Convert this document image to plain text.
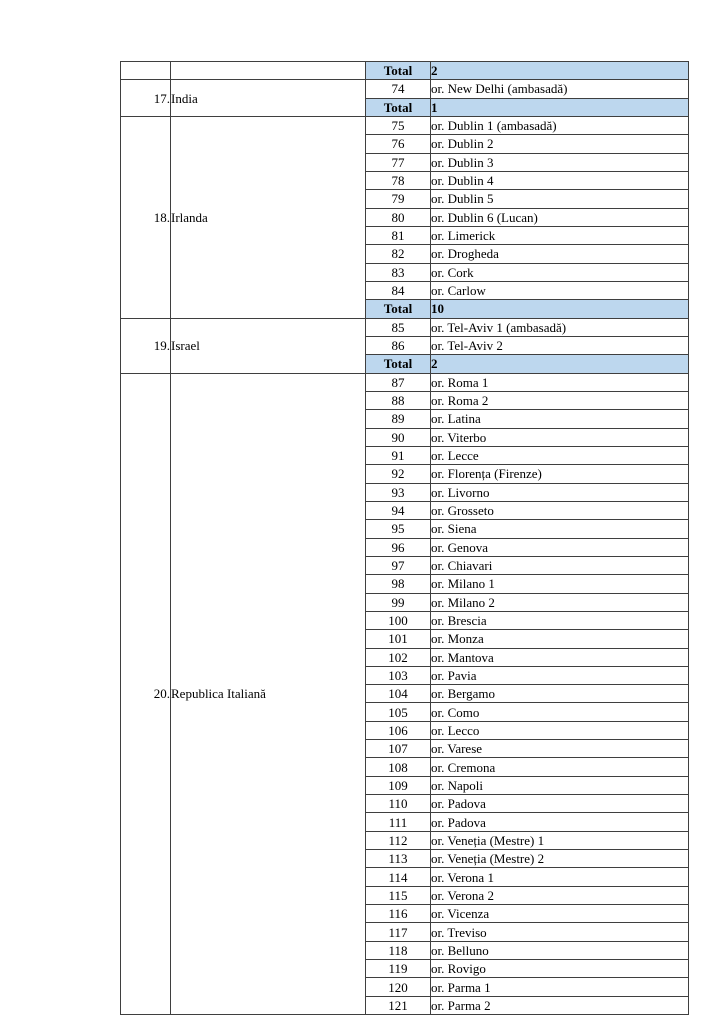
		Total	2
17.	India	74	or. New Delhi (ambasadă)
		Total	1
18.	Irlanda	75	or. Dublin 1 (ambasadă)
		76	or. Dublin 2
		77	or. Dublin 3
		78	or. Dublin 4
		79	or. Dublin 5
		80	or. Dublin 6 (Lucan)
		81	or. Limerick
		82	or. Drogheda
		83	or. Cork
		84	or. Carlow
		Total	10
19.	Israel	85	or. Tel-Aviv 1 (ambasadă)
		86	or. Tel-Aviv 2
		Total	2
20.	Republica Italiană	87	or. Roma 1
		88	or. Roma 2
		89	or. Latina
		90	or. Viterbo
		91	or. Lecce
		92	or. Florența (Firenze)
		93	or. Livorno
		94	or. Grosseto
		95	or. Siena
		96	or. Genova
		97	or. Chiavari
		98	or. Milano 1
		99	or. Milano 2
		100	or. Brescia
		101	or. Monza
		102	or. Mantova
		103	or. Pavia
		104	or. Bergamo
		105	or. Como
		106	or. Lecco
		107	or. Varese
		108	or. Cremona
		109	or. Napoli
		110	or. Padova
		111	or. Padova
		112	or. Veneția (Mestre) 1
		113	or. Veneția (Mestre) 2
		114	or. Verona 1
		115	or. Verona 2
		116	or. Vicenza
		117	or. Treviso
		118	or. Belluno
		119	or. Rovigo
		120	or. Parma 1
		121	or. Parma 2
